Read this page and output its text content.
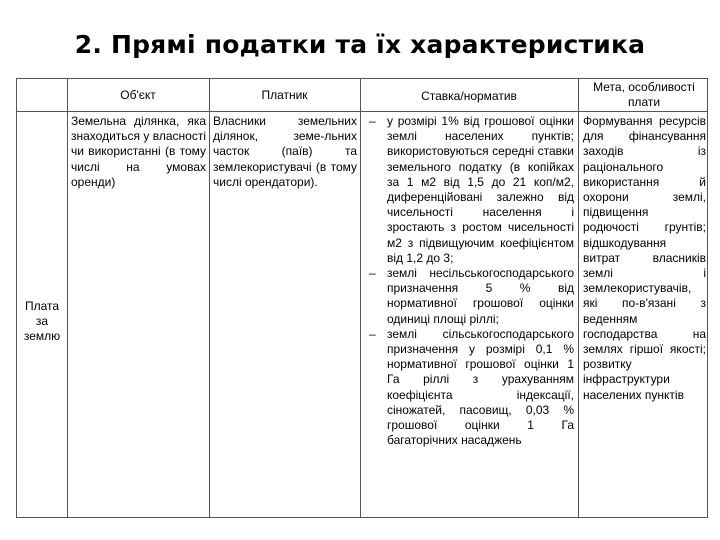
2. Прямі податки та їх характеристика
Об'єкт	Платник	Ставка/норматив
Мета, особливості плати
Плата за землю
Земельна ділянка, яка знаходиться у власності чи використанні (в тому числі на умовах оренди)
Власники земельних ділянок, земе-льних часток (паїв) та землекористувачі (в тому числі орендатори).
– у розмірі 1% від грошової оцінки землі населених пунктів; використовуються середні ставки земельного податку (в копійках за 1 м2 від 1,5 до 21 коп/м2, диференційовані залежно від чисельності населення і зростають з ростом чисельності м2 з підвищуючим коефіцієнтом від 1,2 до 3;
– землі несільськогосподарського призначення 5 % від нормативної грошової оцінки одиниці площі ріллі;
– землі сільськогосподарського призначення у розмірі 0,1 % нормативної грошової оцінки 1 Га ріллі з урахуванням коефіцієнта індексації, сіножатей, пасовищ, 0,03 % грошової оцінки 1 Га багаторічних насаджень
Формування ресурсів для фінансування заходів із раціонального використання й охорони землі, підвищення родючості грунтів; відшкодування витрат власників землі і землекористувачів, які по-в'язані з веденням господарства на землях гіршої якості; розвитку інфраструктури населених пунктів
